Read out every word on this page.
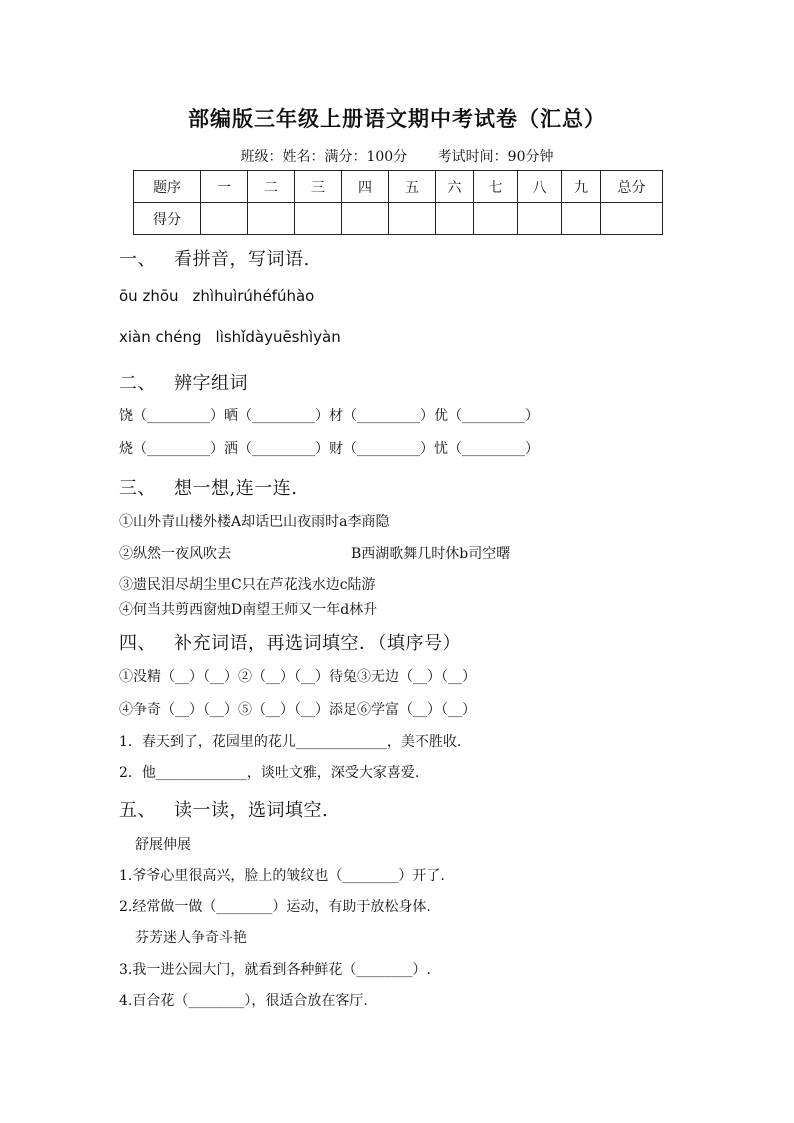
部编版三年级上册语文期中考试卷（汇总）
班级：姓名：满分：100分 考试时间：90分钟
题序	一	二	三	四	五	六	七	八	九	总分
得分										
一、 看拼音，写词语.
ōu zhōu zhìhuìrúhéfúhào
xiàn chéng lìshǐdàyuēshìyàn
二、 辨字组词
饶（_________）晒（_________）材（_________）优（_________）
烧（_________）洒（_________）财（_________）忧（_________）
三、 想一想,连一连.
①山外青山楼外楼A却话巴山夜雨时a李商隐
②纵然一夜风吹去	B西湖歌舞几时休b司空曙
③遗民泪尽胡尘里C只在芦花浅水边c陆游
④何当共剪西窗烛D南望王师又一年d林升
四、 补充词语，再选词填空．（填序号）
①没精（__）（__）②（__）（__）待兔③无边（__）（__）
④争奇（__）（__）⑤（__）（__）添足⑥学富（__）（__）
1．春天到了，花园里的花儿_____________，美不胜收.
2．他_____________，谈吐文雅，深受大家喜爱.
五、 读一读，选词填空.
舒展伸展
1.爷爷心里很高兴，脸上的皱纹也（________）开了.
2.经常做一做（________）运动，有助于放松身体.
芬芳迷人争奇斗艳
3.我一进公园大门，就看到各种鲜花（________）.
4.百合花（________），很适合放在客厅.
